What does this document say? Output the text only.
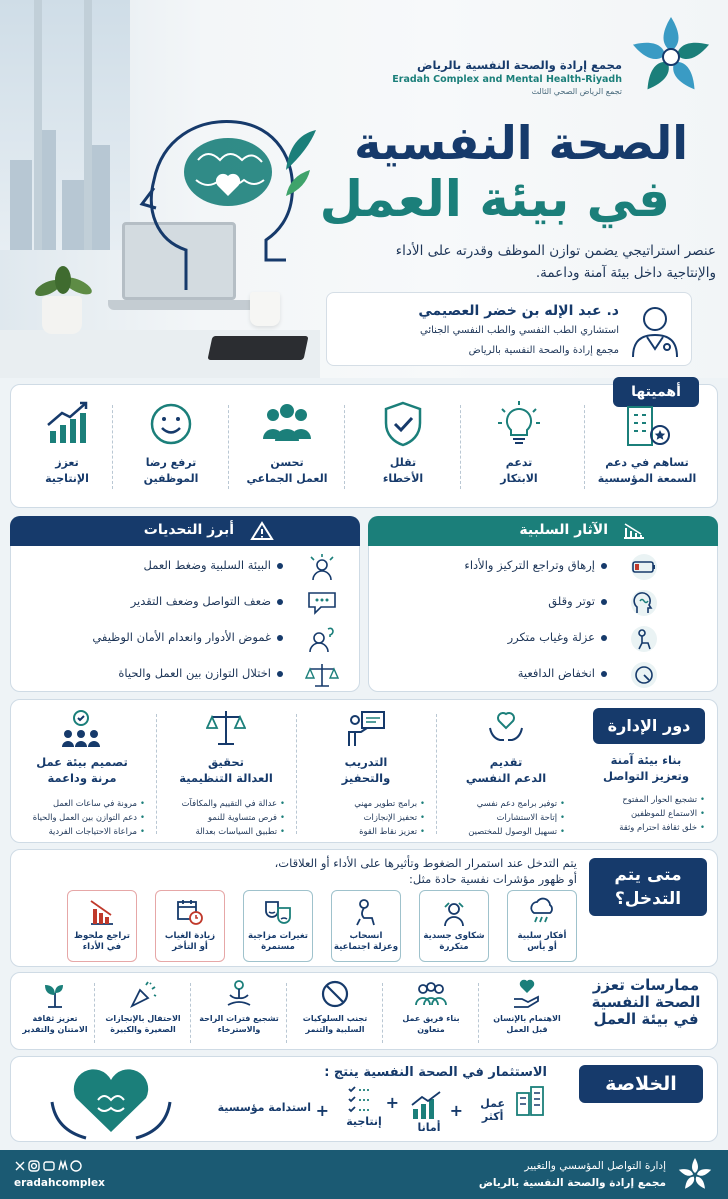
مجمع إرادة والصحة النفسية بالرياض
Eradah Complex and Mental Health-Riyadh
تجمع الرياض الصحي الثالث
الصحة النفسية
في بيئة العمل
عنصر استراتيجي يضمن توازن الموظف وقدرته على الأداء والإنتاجية داخل بيئة آمنة وداعمة.
د. عبد الإله بن خضر العصيمي
استشاري الطب النفسي والطب النفسي الجنائي
مجمع إرادة والصحة النفسية بالرياض
أهميتها
تساهم في دعم
السمعة المؤسسية
تدعم
الابتكار
تقلل
الأخطاء
تحسن
العمل الجماعي
ترفع رضا
الموظفين
تعزز
الإنتاجية
الآثار السلبية
إرهاق وتراجع التركيز والأداء
توتر وقلق
عزلة وغياب متكرر
انخفاض الدافعية
أبرز التحديات
البيئة السلبية وضغط العمل
ضعف التواصل وضعف التقدير
غموض الأدوار وانعدام الأمان الوظيفي
اختلال التوازن بين العمل والحياة
دور الإدارة
بناء بيئة آمنة
وتعزيز التواصل
• تشجيع الحوار المفتوح
• الاستماع للموظفين
• خلق ثقافة احترام وثقة
تقديم
الدعم النفسي
• توفير برامج دعم نفسي
• إتاحة الاستشارات
• تسهيل الوصول للمختصين
التدريب
والتحفيز
• برامج تطوير مهني
• تحفيز الإنجازات
• تعزيز نقاط القوة
تحقيق
العدالة التنظيمية
• عدالة في التقييم والمكافآت
• فرص متساوية للنمو
• تطبيق السياسات بعدالة
تصميم بيئة عمل
مرنة وداعمة
• مرونة في ساعات العمل
• دعم التوازن بين العمل والحياة
• مراعاة الاحتياجات الفردية
متى يتم
التدخل؟
يتم التدخل عند استمرار الضغوط وتأثيرها على الأداء أو العلاقات،
أو ظهور مؤشرات نفسية حادة مثل:
أفكار سلبية
أو يأس
شكاوى جسدية
متكررة
انسحاب
وعزلة اجتماعية
تغيرات مزاجية
مستمرة
زيادة الغياب
أو التأخر
تراجع ملحوظ
في الأداء
ممارسات تعزز
الصحة النفسية
في بيئة العمل
الاهتمام بالإنسان
قبل العمل
بناء فريق عمل
متعاون
تجنب السلوكيات
السلبية والتنمر
تشجيع فترات الراحة
والاسترخاء
الاحتفال بالإنجازات
الصغيرة والكبيرة
تعزيز ثقافة
الامتنان والتقدير
الخلاصة
الاستثمار في الصحة النفسية ينتج :
عمل
أكثر
+
أمانا
+
إنتاجية
+
استدامة مؤسسية
eradahcomplex
إدارة التواصل المؤسسي والتغيير
مجمع إرادة والصحة النفسية بالرياض
